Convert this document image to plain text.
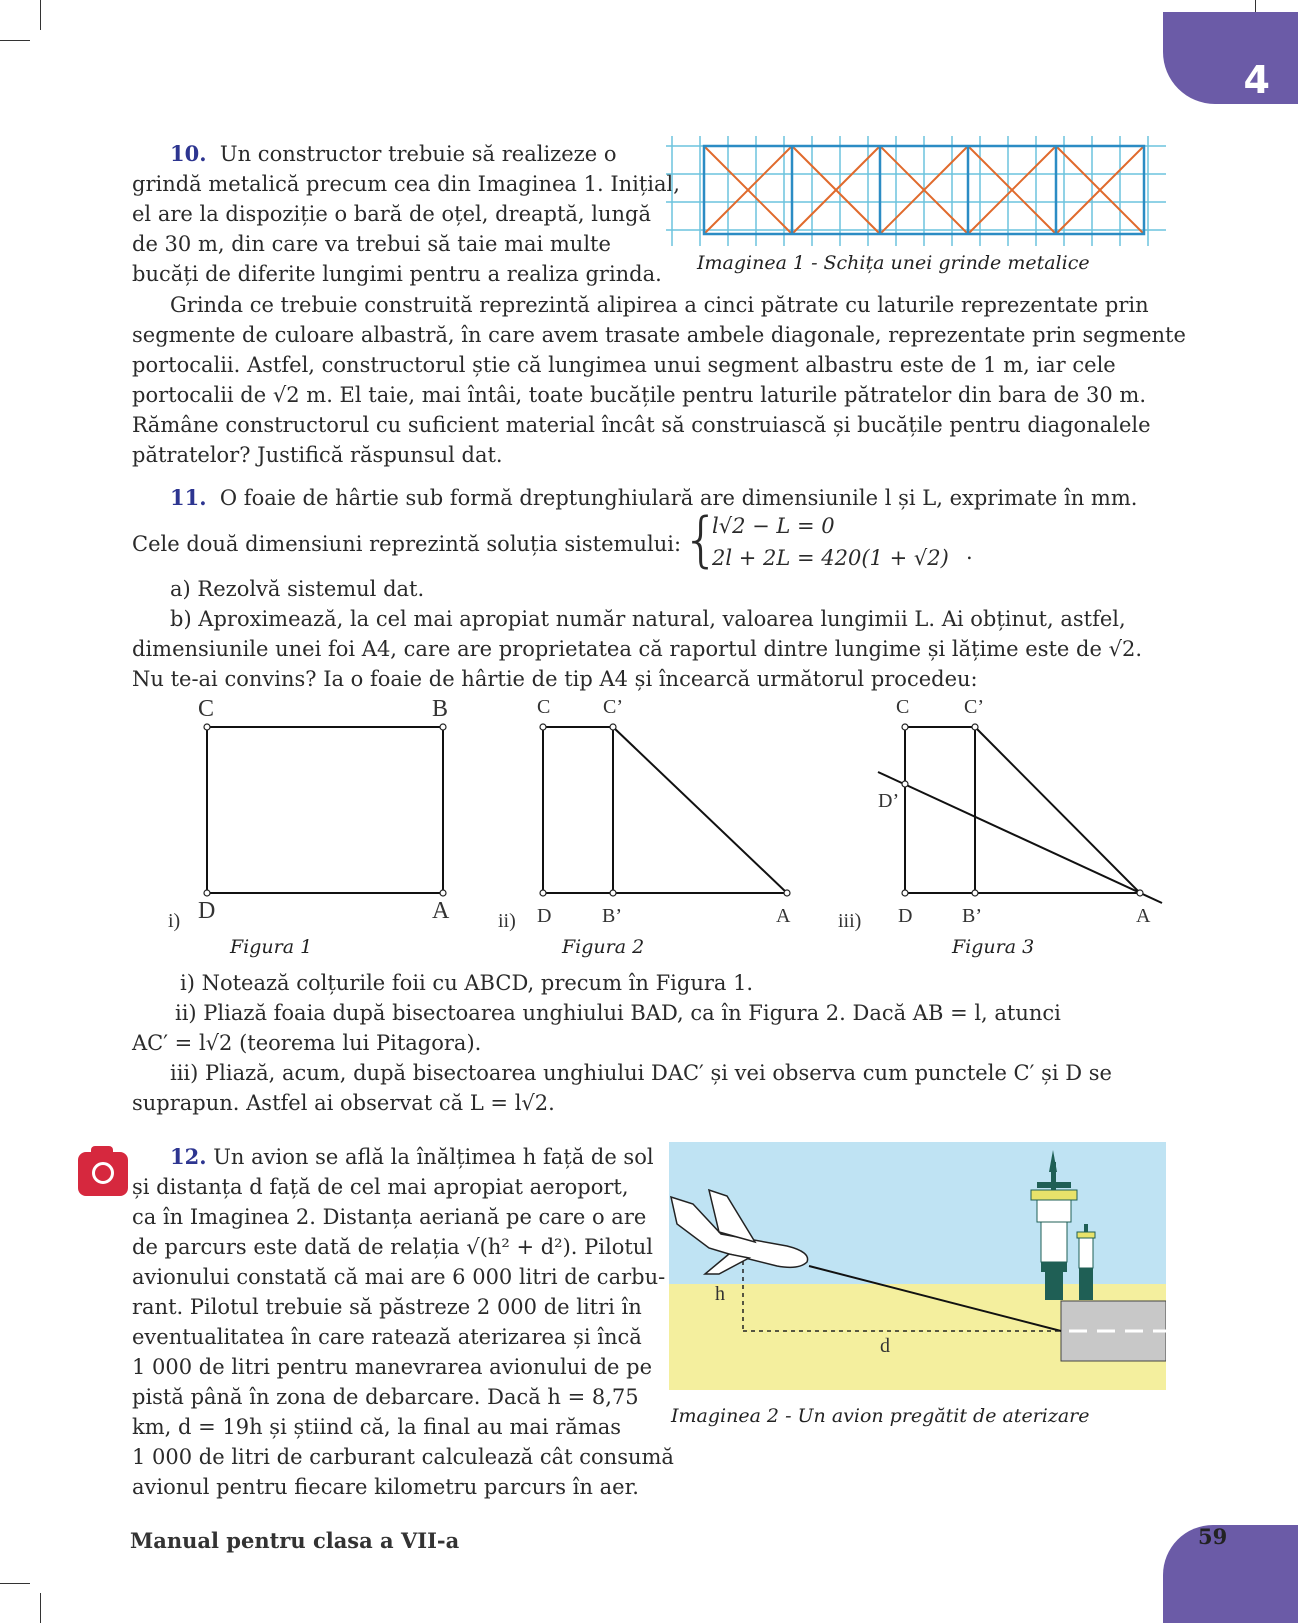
4
59
10. Un constructor trebuie să realizeze o
grindă metalică precum cea din Imaginea 1. Inițial,
el are la dispoziție o bară de oțel, dreaptă, lungă
de 30 m, din care va trebui să taie mai multe
bucăți de diferite lungimi pentru a realiza grinda. Imaginea 1 - Schița unei grinde metalice
Grinda ce trebuie construită reprezintă alipirea a cinci pătrate cu laturile reprezentate prin
segmente de culoare albastră, în care avem trasate ambele diagonale, reprezentate prin segmente
portocalii. Astfel, constructorul știe că lungimea unui segment albastru este de 1 m, iar cele
portocalii de √2 m. El taie, mai întâi, toate bucățile pentru laturile pătratelor din bara de 30 m.
Rămâne constructorul cu suficient material încât să construiască și bucățile pentru diagonalele
pătratelor? Justifică răspunsul dat.
11. O foaie de hârtie sub formă dreptunghiulară are dimensiunile l și L, exprimate în mm.
Cele două dimensiuni reprezintă soluția sistemului: {
l√2 − L = 0
2l + 2L = 420(1 + √2) .
a) Rezolvă sistemul dat.
b) Aproximează, la cel mai apropiat număr natural, valoarea lungimii L. Ai obținut, astfel,
dimensiunile unei foi A4, care are proprietatea că raportul dintre lungime și lățime este de √2.
Nu te-ai convins? Ia o foaie de hârtie de tip A4 și încearcă următorul procedeu:
C	B
D	A
i)
Figura 1
C	C’
D	B’	A
ii)
Figura 2
C	C’
D’
D B’	A
iii)
Figura 3
i) Notează colțurile foii cu ABCD, precum în Figura 1.
ii) Pliază foaia după bisectoarea unghiului BAD, ca în Figura 2. Dacă AB = l, atunci
AC′ = l√2 (teorema lui Pitagora).
iii) Pliază, acum, după bisectoarea unghiului DAC′ și vei observa cum punctele C′ și D se
suprapun. Astfel ai observat că L = l√2.
12. Un avion se află la înălțimea h față de sol
și distanța d față de cel mai apropiat aeroport,
ca în Imaginea 2. Distanța aeriană pe care o are
de parcurs este dată de relația √(h² + d²). Pilotul
avionului constată că mai are 6 000 litri de carbu-
rant. Pilotul trebuie să păstreze 2 000 de litri în
eventualitatea în care ratează aterizarea și încă
1 000 de litri pentru manevrarea avionului de pe
pistă până în zona de debarcare. Dacă h = 8,75
km, d = 19h și știind că, la final au mai rămas
1 000 de litri de carburant calculează cât consumă
avionul pentru fiecare kilometru parcurs în aer.
h
d
Imaginea 2 - Un avion pregătit de aterizare
Manual pentru clasa a VII-a
